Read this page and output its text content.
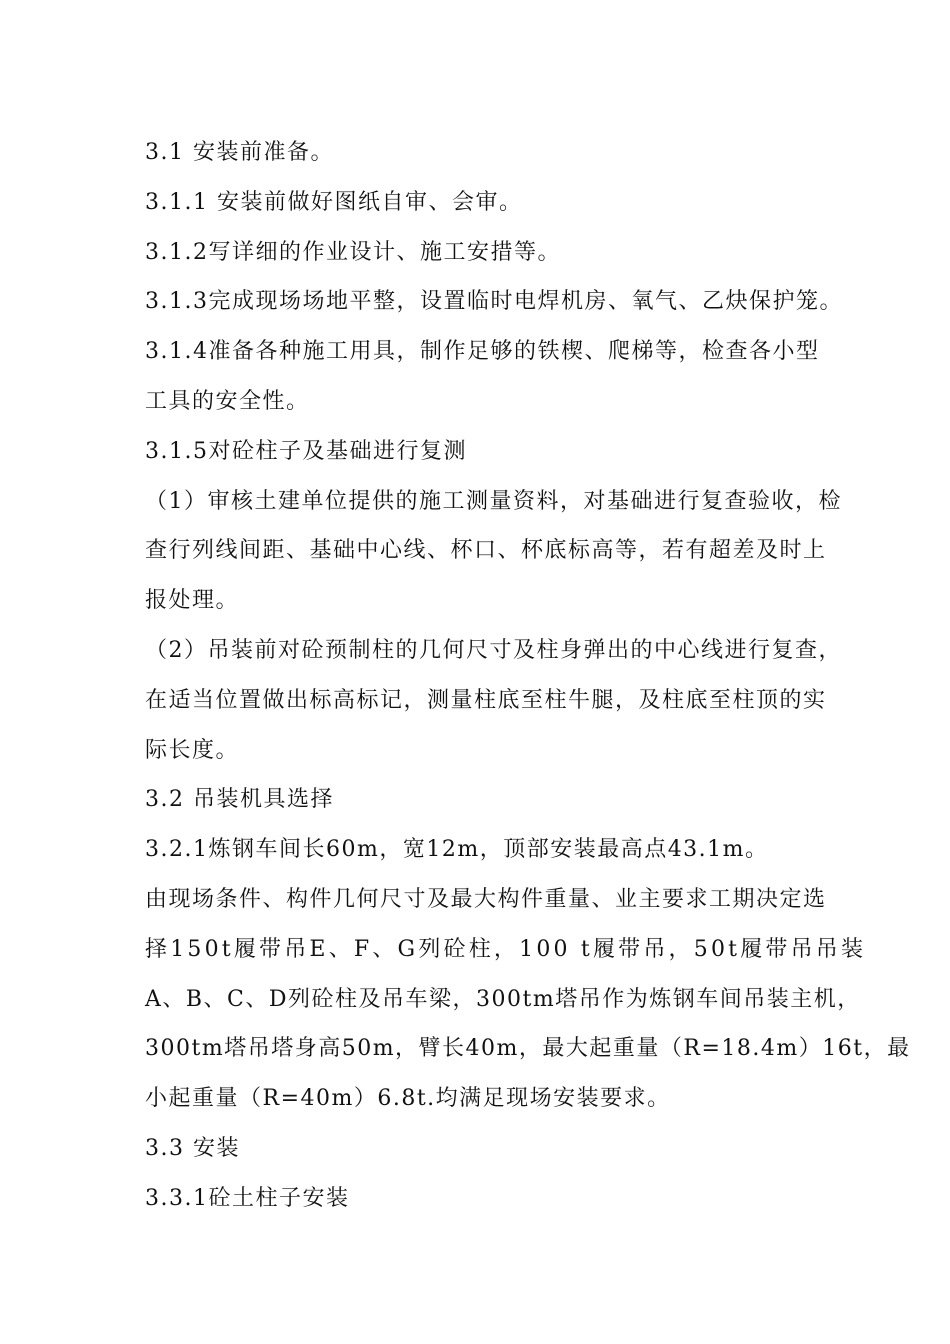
3.1 安装前准备。
3.1.1 安装前做好图纸自审、会审。
3.1.2写详细的作业设计、施工安措等。
3.1.3完成现场场地平整，设置临时电焊机房、氧气、乙炔保护笼。
3.1.4准备各种施工用具，制作足够的铁楔、爬梯等，检查各小型
工具的安全性。
3.1.5对砼柱子及基础进行复测
（1）审核土建单位提供的施工测量资料，对基础进行复查验收，检
查行列线间距、基础中心线、杯口、杯底标高等，若有超差及时上
报处理。
（2）吊装前对砼预制柱的几何尺寸及柱身弹出的中心线进行复查，
在适当位置做出标高标记，测量柱底至柱牛腿，及柱底至柱顶的实
际长度。
3.2 吊装机具选择
3.2.1炼钢车间长60m，宽12m，顶部安装最高点43.1m。
由现场条件、构件几何尺寸及最大构件重量、业主要求工期决定选
择150t履带吊E、F、G列砼柱，100 t履带吊，50t履带吊吊装
A、B、C、D列砼柱及吊车梁，300tm塔吊作为炼钢车间吊装主机，
300tm塔吊塔身高50m，臂长40m，最大起重量（R=18.4m）16t，最
小起重量（R=40m）6.8t.均满足现场安装要求。
3.3 安装
3.3.1砼土柱子安装
